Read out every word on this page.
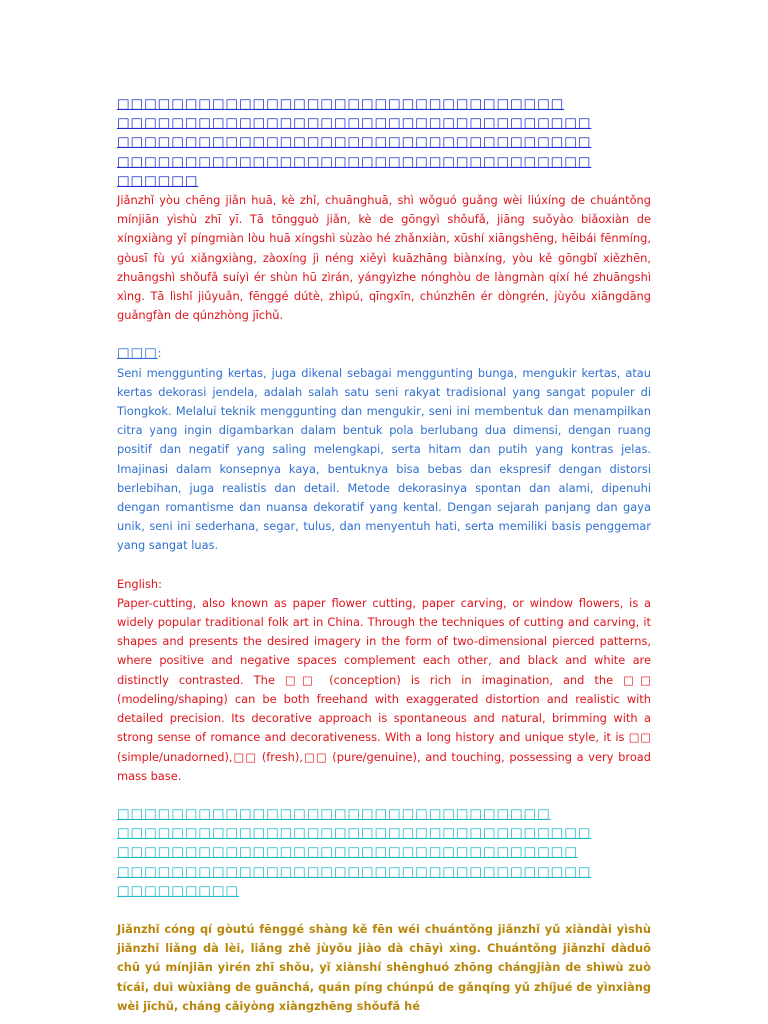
□□□□□□□□□□□□□□□□□□□□□□□□□□□□□□□□□
□□□□□□□□□□□□□□□□□□□□□□□□□□□□□□□□□□□
□□□□□□□□□□□□□□□□□□□□□□□□□□□□□□□□□□□
□□□□□□□□□□□□□□□□□□□□□□□□□□□□□□□□□□□
□□□□□□

Jiǎnzhǐ yòu chēng jiǎn huā, kè zhǐ, chuānghuā, shì wǒguó guǎng wèi liúxíng de chuántǒng mínjiān yìshù zhī yī. Tā tōngguò jiǎn, kè de gōngyì shǒufǎ, jiāng suǒyào biǎoxiàn de xíngxiàng yǐ píngmiàn lòu huā xíngshì sùzào hé zhǎnxiàn, xūshí xiāngshēng, hēibái fēnmíng, gòusī fù yú xiǎngxiàng, zàoxíng jì néng xiěyì kuāzhāng biànxíng, yòu kě gōngbǐ xiězhēn, zhuāngshì shǒufǎ suíyì ér shùn hū zìrán, yángyìzhe nónghòu de làngmàn qíxí hé zhuāngshì xìng. Tā lìshǐ jiǔyuǎn, fēnggé dútè, zhìpú, qīngxīn, chúnzhēn ér dòngrén, jùyǒu xiāngdāng guǎngfàn de qúnzhòng jīchǔ.

□□□:

Seni menggunting kertas, juga dikenal sebagai menggunting bunga, mengukir kertas, atau kertas dekorasi jendela, adalah salah satu seni rakyat tradisional yang sangat populer di Tiongkok. Melalui teknik menggunting dan mengukir, seni ini membentuk dan menampilkan citra yang ingin digambarkan dalam bentuk pola berlubang dua dimensi, dengan ruang positif dan negatif yang saling melengkapi, serta hitam dan putih yang kontras jelas. Imajinasi dalam konsepnya kaya, bentuknya bisa bebas dan ekspresif dengan distorsi berlebihan, juga realistis dan detail. Metode dekorasinya spontan dan alami, dipenuhi dengan romantisme dan nuansa dekoratif yang kental. Dengan sejarah panjang dan gaya unik, seni ini sederhana, segar, tulus, dan menyentuh hati, serta memiliki basis penggemar yang sangat luas.

English:

Paper-cutting, also known as paper flower cutting, paper carving, or window flowers, is a widely popular traditional folk art in China. Through the techniques of cutting and carving, it shapes and presents the desired imagery in the form of two-dimensional pierced patterns, where positive and negative spaces complement each other, and black and white are distinctly contrasted. The □□ (conception) is rich in imagination, and the □□ (modeling/shaping) can be both freehand with exaggerated distortion and realistic with detailed precision. Its decorative approach is spontaneous and natural, brimming with a strong sense of romance and decorativeness. With a long history and unique style, it is □□ (simple/unadorned),□□ (fresh),□□ (pure/genuine), and touching, possessing a very broad mass base.

□□□□□□□□□□□□□□□□□□□□□□□□□□□□□□□□
□□□□□□□□□□□□□□□□□□□□□□□□□□□□□□□□□□□
□□□□□□□□□□□□□□□□□□□□□□□□□□□□□□□□□□
□□□□□□□□□□□□□□□□□□□□□□□□□□□□□□□□□□□
□□□□□□□□□

Jiǎnzhǐ cóng qí gòutú fēnggé shàng kě fēn wéi chuántǒng jiǎnzhǐ yǔ xiàndài yìshù jiǎnzhǐ liǎng dà lèi, liǎng zhě jùyǒu jiào dà chāyì xìng. Chuántǒng jiǎnzhǐ dàduō chū yú mínjiān yìrén zhī shǒu, yǐ xiànshí shēnghuó zhōng chángjiàn de shìwù zuò tícái, duì wùxiàng de guānchá, quán píng chúnpú de gǎnqíng yǔ zhíjué de yìnxiàng wèi jīchǔ, cháng cǎiyòng xiàngzhēng shǒufǎ hé
